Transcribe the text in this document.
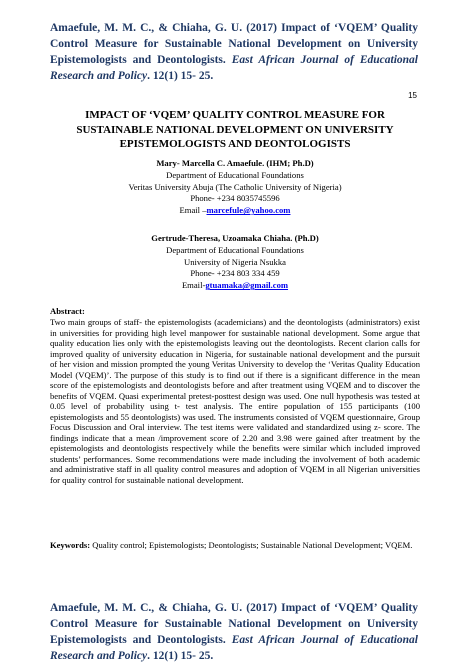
Amaefule, M. M. C., & Chiaha, G. U. (2017) Impact of ‘VQEM’ Quality Control Measure for Sustainable National Development on University Epistemologists and Deontologists. East African Journal of Educational Research and Policy. 12(1) 15- 25.
15
IMPACT OF ‘VQEM’ QUALITY CONTROL MEASURE FOR SUSTAINABLE NATIONAL DEVELOPMENT ON UNIVERSITY EPISTEMOLOGISTS AND DEONTOLOGISTS
Mary- Marcella C. Amaefule. (IHM; Ph.D)
Department of Educational Foundations
Veritas University Abuja (The Catholic University of Nigeria)
Phone- +234 8035745596
Email –marcefule@yahoo.com
Gertrude-Theresa, Uzoamaka Chiaha. (Ph.D)
Department of Educational Foundations
University of Nigeria Nsukka
Phone- +234 803 334 459
Email-gtuamaka@gmail.com
Abstract:

Two main groups of staff- the epistemologists (academicians) and the deontologists (administrators) exist in universities for providing high level manpower for sustainable national development. Some argue that quality education lies only with the epistemologists leaving out the deontologists. Recent clarion calls for improved quality of university education in Nigeria, for sustainable national development and the pursuit of her vision and mission prompted the young Veritas University to develop the ‘Veritas Quality Education Model (VQEM)’. The purpose of this study is to find out if there is a significant difference in the mean score of the epistemologists and deontologists before and after treatment using VQEM and to discover the benefits of VQEM. Quasi experimental pretest-posttest design was used. One null hypothesis was tested at 0.05 level of probability using t- test analysis. The entire population of 155 participants (100 epistemologists and 55 deontologists) was used. The instruments consisted of VQEM questionnaire, Group Focus Discussion and Oral interview. The test items were validated and standardized using z- score. The findings indicate that a mean /improvement score of 2.20 and 3.98 were gained after treatment by the epistemologists and deontologists respectively while the benefits were similar which included improved students’ performances. Some recommendations were made including the involvement of both academic and administrative staff in all quality control measures and adoption of VQEM in all Nigerian universities for quality control for sustainable national development.

Keywords: Quality control; Epistemologists; Deontologists; Sustainable National Development; VQEM.

Amaefule, M. M. C., & Chiaha, G. U. (2017) Impact of ‘VQEM’ Quality Control Measure for Sustainable National Development on University Epistemologists and Deontologists. East African Journal of Educational Research and Policy. 12(1) 15- 25.
